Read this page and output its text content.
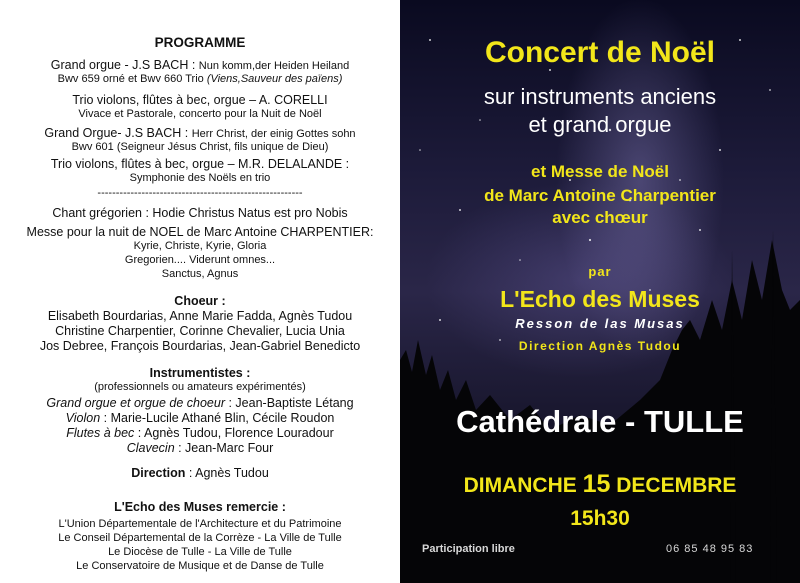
PROGRAMME
Grand orgue - J.S BACH : Nun komm,der Heiden Heiland
Bwv 659 orné et Bwv 660 Trio (Viens,Sauveur des païens)
Trio violons, flûtes à bec, orgue – A. CORELLI
Vivace et Pastorale, concerto pour la Nuit de Noël
Grand Orgue- J.S BACH : Herr Christ, der einig Gottes sohn
Bwv 601 (Seigneur Jésus Christ, fils unique de Dieu)
Trio violons, flûtes à bec, orgue – M.R. DELALANDE :
Symphonie des Noëls en trio
--------------------------------------------------------
Chant grégorien : Hodie Christus Natus est pro Nobis
Messe pour la nuit de NOEL de Marc Antoine CHARPENTIER:
Kyrie, Christe, Kyrie, Gloria
Gregorien.... Viderunt omnes...
Sanctus, Agnus
Choeur :
Elisabeth Bourdarias, Anne Marie Fadda, Agnès Tudou
Christine Charpentier, Corinne Chevalier, Lucia Unia
Jos Debree, François Bourdarias, Jean-Gabriel Benedicto
Instrumentistes :
(professionnels ou amateurs expérimentés)
Grand orgue et orgue de choeur : Jean-Baptiste Létang
Violon : Marie-Lucile Athané Blin, Cécile Roudon
Flutes à bec : Agnès Tudou, Florence Louradour
Clavecin : Jean-Marc Four
Direction : Agnès Tudou
L'Echo des Muses remercie :
L'Union Départementale de l'Architecture et du Patrimoine
Le Conseil Départemental de la Corrèze - La Ville de Tulle
Le Diocèse de Tulle - La Ville de Tulle
Le Conservatoire de Musique et de Danse de Tulle
Concert de Noël
sur instruments anciens
et grand orgue
et Messe de Noël
de Marc Antoine Charpentier
avec chœur
par
L'Echo des Muses
Resson de las Musas
Direction Agnès Tudou
Cathédrale - TULLE
DIMANCHE 15 DECEMBRE
15h30
Participation libre	06 85 48 95 83
